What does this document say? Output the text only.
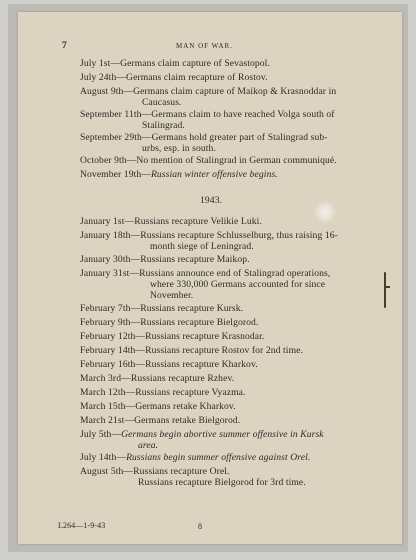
7	MAN OF WAR.
July 1st—Germans claim capture of Sevastopol.
July 24th—Germans claim recapture of Rostov.
August 9th—Germans claim capture of Maikop & Krasnoddar in
Caucasus.
September 11th—Germans claim to have reached Volga south of
Stalingrad.
September 29th—Germans hold greater part of Stalingrad sub-
urbs, esp. in south.
October 9th—No mention of Stalingrad in German communiqué.
November 19th—Russian winter offensive begins.
1943.
January 1st—Russians recapture Velikie Luki.
January 18th—Russians recapture Schlusselburg, thus raising 16-
month siege of Leningrad.
January 30th—Russians recapture Maikop.
January 31st—Russians announce end of Stalingrad operations,
where 330,000 Germans accounted for since
November.
February 7th—Russians recapture Kursk.
February 9th—Russians recapture Bielgorod.
February 12th—Russians recapture Krasnodar.
February 14th—Russians recapture Rostov for 2nd time.
February 16th—Russians recapture Kharkov.
March 3rd—Russians recapture Rzhev.
March 12th—Russians recapture Vyazma.
March 15th—Germans retake Kharkov.
March 21st—Germans retake Bielgorod.
July 5th—Germans begin abortive summer offensive in Kursk
area.
July 14th—Russians begin summer offensive against Orel.
August 5th—Russians recapture Orel.
Russians recapture Bielgorod for 3rd time.
L264—1-9-43	8
